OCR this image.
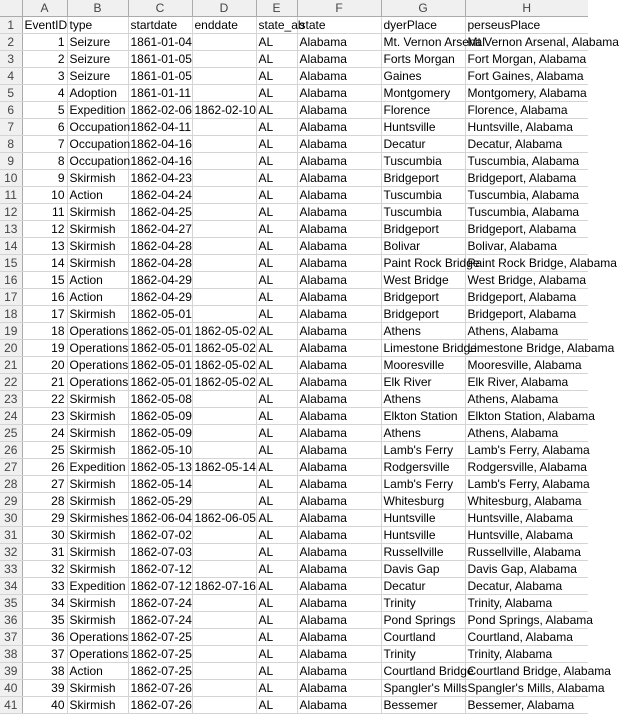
	A	B	C	D	E	F	G	H
1	EventID	type	startdate	enddate	state_ab	state	dyerPlace	perseusPlace
2	1	Seizure	1861-01-04		AL	Alabama	Mt. Vernon Arsenal	Mt Vernon Arsenal, Alabama
3	2	Seizure	1861-01-05		AL	Alabama	Forts Morgan	Fort Morgan, Alabama
4	3	Seizure	1861-01-05		AL	Alabama	Gaines	Fort Gaines, Alabama
5	4	Adoption	1861-01-11		AL	Alabama	Montgomery	Montgomery, Alabama
6	5	Expedition	1862-02-06	1862-02-10	AL	Alabama	Florence	Florence, Alabama
7	6	Occupation	1862-04-11		AL	Alabama	Huntsville	Huntsville, Alabama
8	7	Occupation	1862-04-16		AL	Alabama	Decatur	Decatur, Alabama
9	8	Occupation	1862-04-16		AL	Alabama	Tuscumbia	Tuscumbia, Alabama
10	9	Skirmish	1862-04-23		AL	Alabama	Bridgeport	Bridgeport, Alabama
11	10	Action	1862-04-24		AL	Alabama	Tuscumbia	Tuscumbia, Alabama
12	11	Skirmish	1862-04-25		AL	Alabama	Tuscumbia	Tuscumbia, Alabama
13	12	Skirmish	1862-04-27		AL	Alabama	Bridgeport	Bridgeport, Alabama
14	13	Skirmish	1862-04-28		AL	Alabama	Bolivar	Bolivar, Alabama
15	14	Skirmish	1862-04-28		AL	Alabama	Paint Rock Bridge	Paint Rock Bridge, Alabama
16	15	Action	1862-04-29		AL	Alabama	West Bridge	West Bridge, Alabama
17	16	Action	1862-04-29		AL	Alabama	Bridgeport	Bridgeport, Alabama
18	17	Skirmish	1862-05-01		AL	Alabama	Bridgeport	Bridgeport, Alabama
19	18	Operations	1862-05-01	1862-05-02	AL	Alabama	Athens	Athens, Alabama
20	19	Operations	1862-05-01	1862-05-02	AL	Alabama	Limestone Bridge	Limestone Bridge, Alabama
21	20	Operations	1862-05-01	1862-05-02	AL	Alabama	Mooresville	Mooresville, Alabama
22	21	Operations	1862-05-01	1862-05-02	AL	Alabama	Elk River	Elk River, Alabama
23	22	Skirmish	1862-05-08		AL	Alabama	Athens	Athens, Alabama
24	23	Skirmish	1862-05-09		AL	Alabama	Elkton Station	Elkton Station, Alabama
25	24	Skirmish	1862-05-09		AL	Alabama	Athens	Athens, Alabama
26	25	Skirmish	1862-05-10		AL	Alabama	Lamb's Ferry	Lamb's Ferry, Alabama
27	26	Expedition	1862-05-13	1862-05-14	AL	Alabama	Rodgersville	Rodgersville, Alabama
28	27	Skirmish	1862-05-14		AL	Alabama	Lamb's Ferry	Lamb's Ferry, Alabama
29	28	Skirmish	1862-05-29		AL	Alabama	Whitesburg	Whitesburg, Alabama
30	29	Skirmishes	1862-06-04	1862-06-05	AL	Alabama	Huntsville	Huntsville, Alabama
31	30	Skirmish	1862-07-02		AL	Alabama	Huntsville	Huntsville, Alabama
32	31	Skirmish	1862-07-03		AL	Alabama	Russellville	Russellville, Alabama
33	32	Skirmish	1862-07-12		AL	Alabama	Davis Gap	Davis Gap, Alabama
34	33	Expedition	1862-07-12	1862-07-16	AL	Alabama	Decatur	Decatur, Alabama
35	34	Skirmish	1862-07-24		AL	Alabama	Trinity	Trinity, Alabama
36	35	Skirmish	1862-07-24		AL	Alabama	Pond Springs	Pond Springs, Alabama
37	36	Operations	1862-07-25		AL	Alabama	Courtland	Courtland, Alabama
38	37	Operations	1862-07-25		AL	Alabama	Trinity	Trinity, Alabama
39	38	Action	1862-07-25		AL	Alabama	Courtland Bridge	Courtland Bridge, Alabama
40	39	Skirmish	1862-07-26		AL	Alabama	Spangler's Mills	Spangler's Mills, Alabama
41	40	Skirmish	1862-07-26		AL	Alabama	Bessemer	Bessemer, Alabama
